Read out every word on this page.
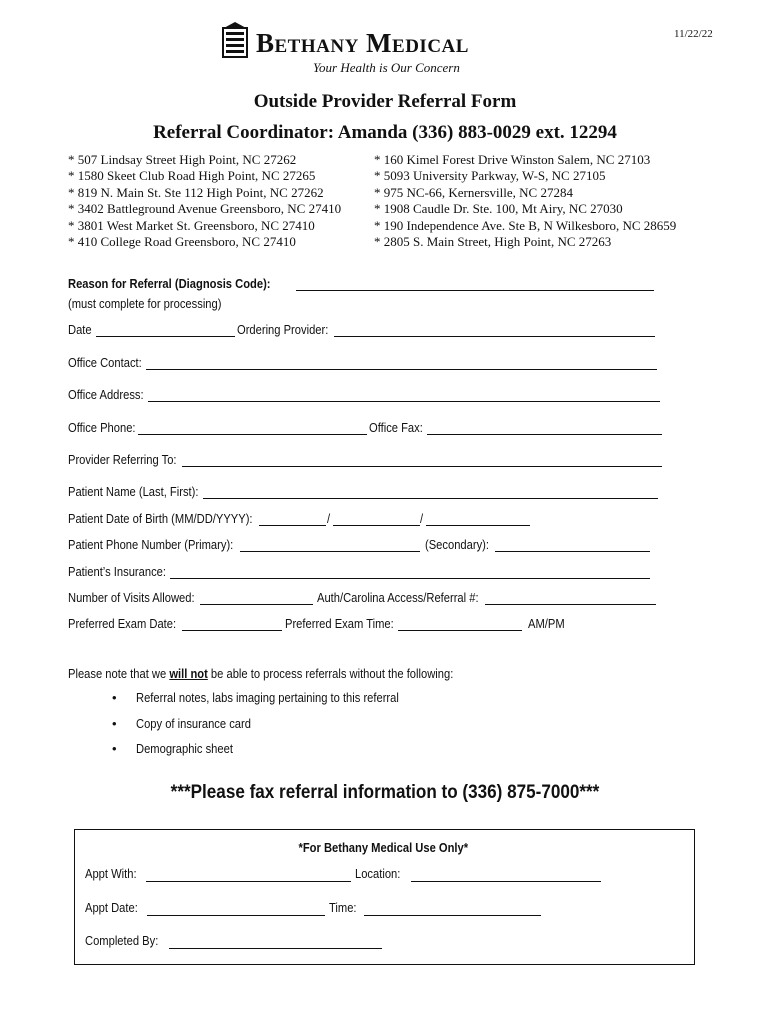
Bethany Medical
Your Health is Our Concern
11/22/22
Outside Provider Referral Form
Referral Coordinator: Amanda (336) 883-0029 ext. 12294
* 507 Lindsay Street High Point, NC 27262
* 1580 Skeet Club Road High Point, NC 27265
* 819 N. Main St. Ste 112 High Point, NC 27262
* 3402 Battleground Avenue Greensboro, NC 27410
* 3801 West Market St. Greensboro, NC 27410
* 410 College Road Greensboro, NC 27410
* 160 Kimel Forest Drive Winston Salem, NC 27103
* 5093 University Parkway, W-S, NC 27105
* 975 NC-66, Kernersville, NC 27284
* 1908 Caudle Dr. Ste. 100, Mt Airy, NC 27030
* 190 Independence Ave. Ste B, N Wilkesboro, NC 28659
* 2805 S. Main Street, High Point, NC 27263
Reason for Referral (Diagnosis Code):
(must complete for processing)
Date	Ordering Provider:
Office Contact:
Office Address:
Office Phone:	Office Fax:
Provider Referring To:
Patient Name (Last, First):
Patient Date of Birth (MM/DD/YYYY):	/	/
Patient Phone Number (Primary):	(Secondary):
Patient’s Insurance:
Number of Visits Allowed:	Auth/Carolina Access/Referral #:
Preferred Exam Date:	Preferred Exam Time:	AM/PM
Please note that we will not be able to process referrals without the following:
• Referral notes, labs imaging pertaining to this referral
• Copy of insurance card
• Demographic sheet
***Please fax referral information to (336) 875-7000***
*For Bethany Medical Use Only*
Appt With:	Location:
Appt Date:	Time:
Completed By:
